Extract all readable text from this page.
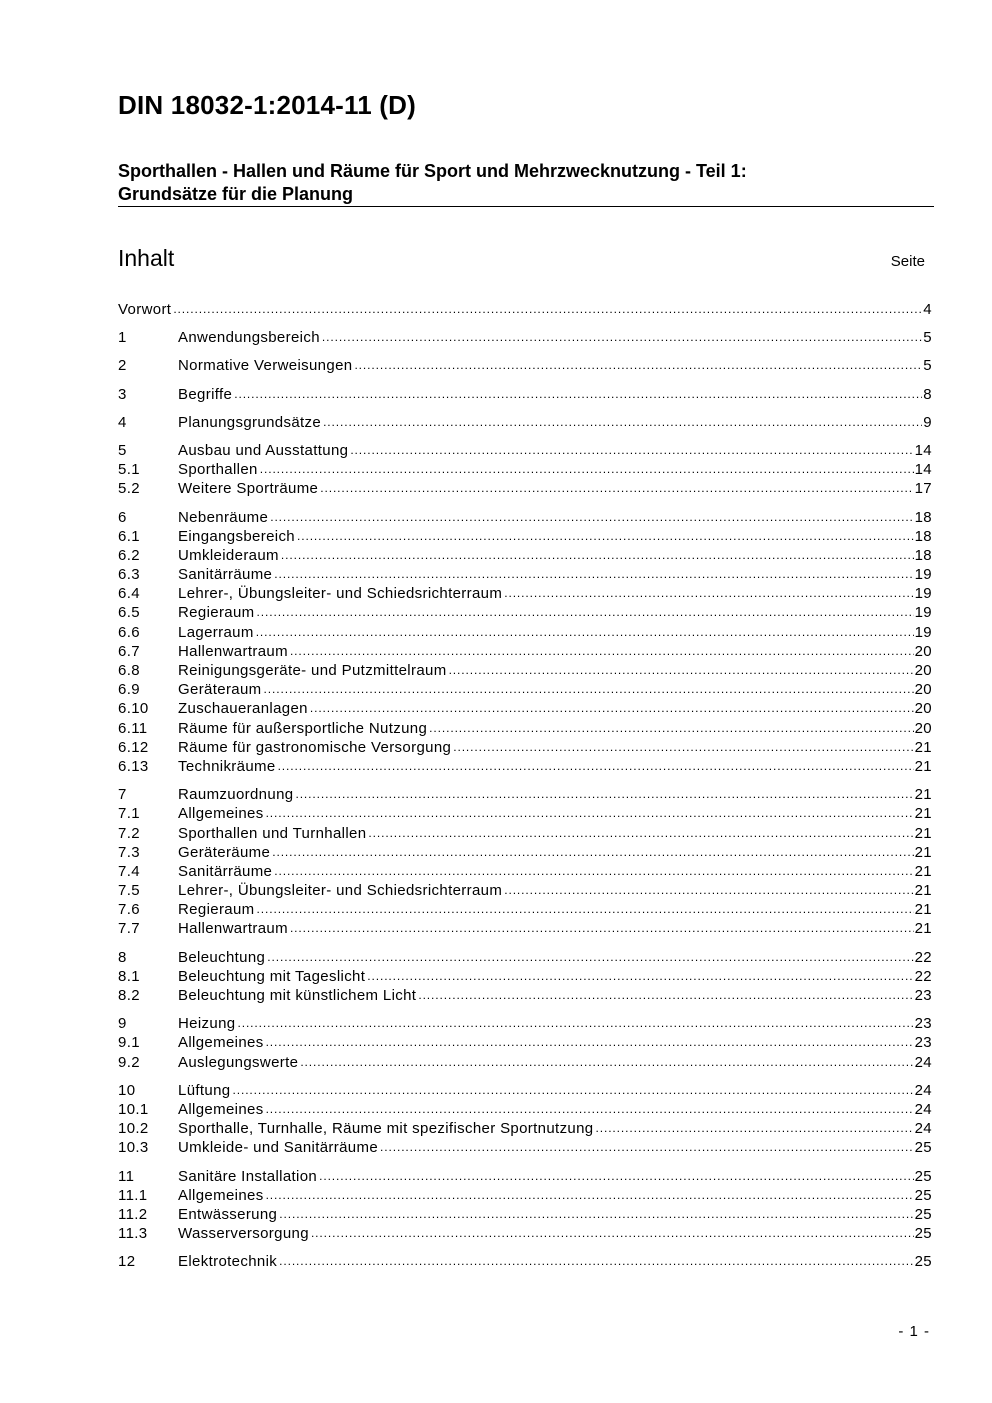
DIN 18032-1:2014-11 (D)
Sporthallen - Hallen und Räume für Sport und Mehrzwecknutzung - Teil 1:
Grundsätze für die Planung
Inhalt	Seite
Vorwort .....	4
1	Anwendungsbereich .....	5
2	Normative Verweisungen .....	5
3	Begriffe .....	8
4	Planungsgrundsätze .....	9
5	Ausbau und Ausstattung .....	14
5.1	Sporthallen .....	14
5.2	Weitere Sporträume .....	17
6	Nebenräume .....	18
6.1	Eingangsbereich .....	18
6.2	Umkleideraum .....	18
6.3	Sanitärräume .....	19
6.4	Lehrer-, Übungsleiter- und Schiedsrichterraum .....	19
6.5	Regieraum .....	19
6.6	Lagerraum .....	19
6.7	Hallenwartraum .....	20
6.8	Reinigungsgeräte- und Putzmittelraum .....	20
6.9	Geräteraum .....	20
6.10	Zuschaueranlagen .....	20
6.11	Räume für außersportliche Nutzung .....	20
6.12	Räume für gastronomische Versorgung .....	21
6.13	Technikräume .....	21
7	Raumzuordnung .....	21
7.1	Allgemeines .....	21
7.2	Sporthallen und Turnhallen .....	21
7.3	Geräteräume .....	21
7.4	Sanitärräume .....	21
7.5	Lehrer-, Übungsleiter- und Schiedsrichterraum .....	21
7.6	Regieraum .....	21
7.7	Hallenwartraum .....	21
8	Beleuchtung .....	22
8.1	Beleuchtung mit Tageslicht .....	22
8.2	Beleuchtung mit künstlichem Licht .....	23
9	Heizung .....	23
9.1	Allgemeines .....	23
9.2	Auslegungswerte .....	24
10	Lüftung .....	24
10.1	Allgemeines .....	24
10.2	Sporthalle, Turnhalle, Räume mit spezifischer Sportnutzung .....	24
10.3	Umkleide- und Sanitärräume .....	25
11	Sanitäre Installation .....	25
11.1	Allgemeines .....	25
11.2	Entwässerung .....	25
11.3	Wasserversorgung .....	25
12	Elektrotechnik .....	25
- 1 -
